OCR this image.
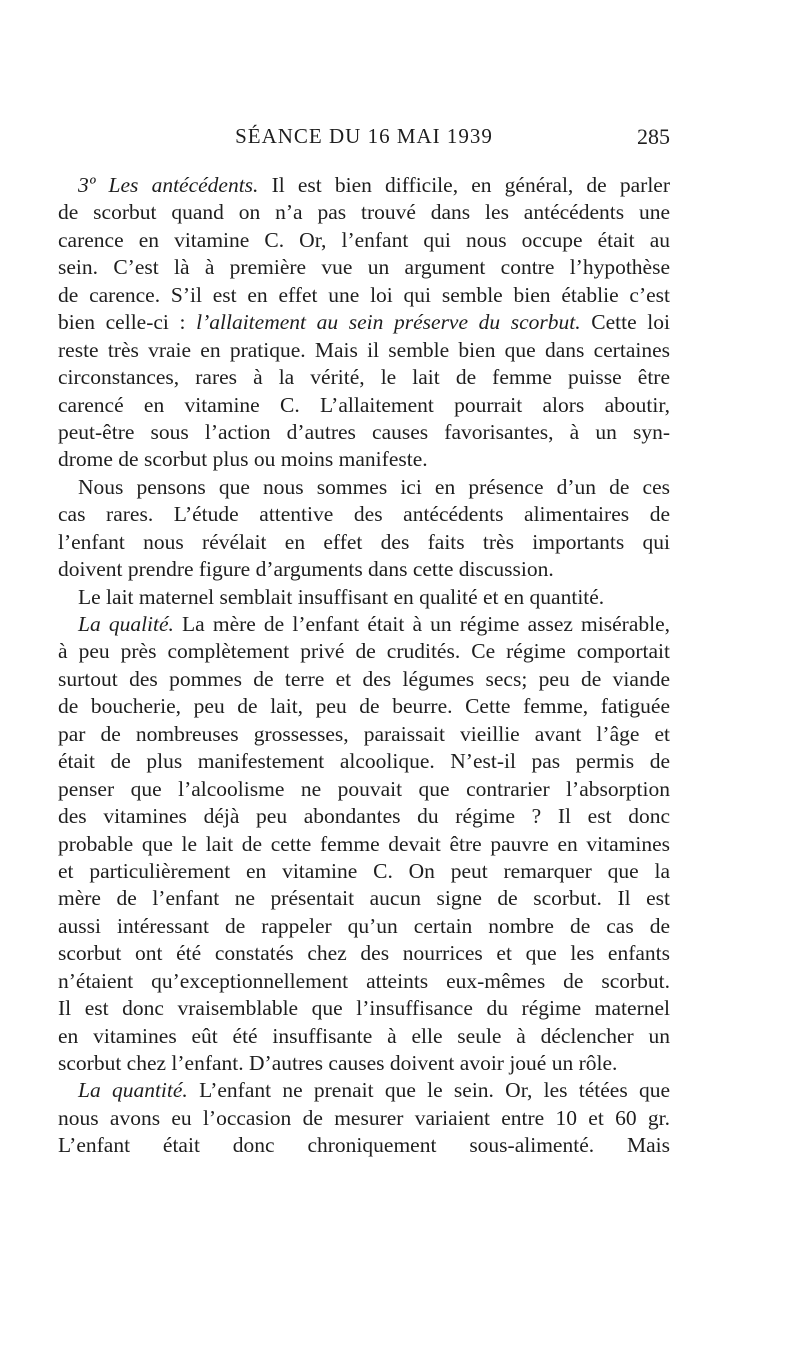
SÉANCE DU 16 MAI 1939	285
3º Les antécédents. Il est bien difficile, en général, de parler
de scorbut quand on n’a pas trouvé dans les antécédents une
carence en vitamine C. Or, l’enfant qui nous occupe était au
sein. C’est là à première vue un argument contre l’hypothèse
de carence. S’il est en effet une loi qui semble bien établie c’est
bien celle-ci : l’allaitement au sein préserve du scorbut. Cette loi
reste très vraie en pratique. Mais il semble bien que dans certaines
circonstances, rares à la vérité, le lait de femme puisse être
carencé en vitamine C. L’allaitement pourrait alors aboutir,
peut-être sous l’action d’autres causes favorisantes, à un syn-
drome de scorbut plus ou moins manifeste.
Nous pensons que nous sommes ici en présence d’un de ces
cas rares. L’étude attentive des antécédents alimentaires de
l’enfant nous révélait en effet des faits très importants qui
doivent prendre figure d’arguments dans cette discussion.
Le lait maternel semblait insuffisant en qualité et en quantité.
La qualité. La mère de l’enfant était à un régime assez misérable,
à peu près complètement privé de crudités. Ce régime comportait
surtout des pommes de terre et des légumes secs; peu de viande
de boucherie, peu de lait, peu de beurre. Cette femme, fatiguée
par de nombreuses grossesses, paraissait vieillie avant l’âge et
était de plus manifestement alcoolique. N’est-il pas permis de
penser que l’alcoolisme ne pouvait que contrarier l’absorption
des vitamines déjà peu abondantes du régime ? Il est donc
probable que le lait de cette femme devait être pauvre en vitamines
et particulièrement en vitamine C. On peut remarquer que la
mère de l’enfant ne présentait aucun signe de scorbut. Il est
aussi intéressant de rappeler qu’un certain nombre de cas de
scorbut ont été constatés chez des nourrices et que les enfants
n’étaient qu’exceptionnellement atteints eux-mêmes de scorbut.
Il est donc vraisemblable que l’insuffisance du régime maternel
en vitamines eût été insuffisante à elle seule à déclencher un
scorbut chez l’enfant. D’autres causes doivent avoir joué un rôle.
La quantité. L’enfant ne prenait que le sein. Or, les tétées que
nous avons eu l’occasion de mesurer variaient entre 10 et 60 gr.
L’enfant était donc chroniquement sous-alimenté. Mais
